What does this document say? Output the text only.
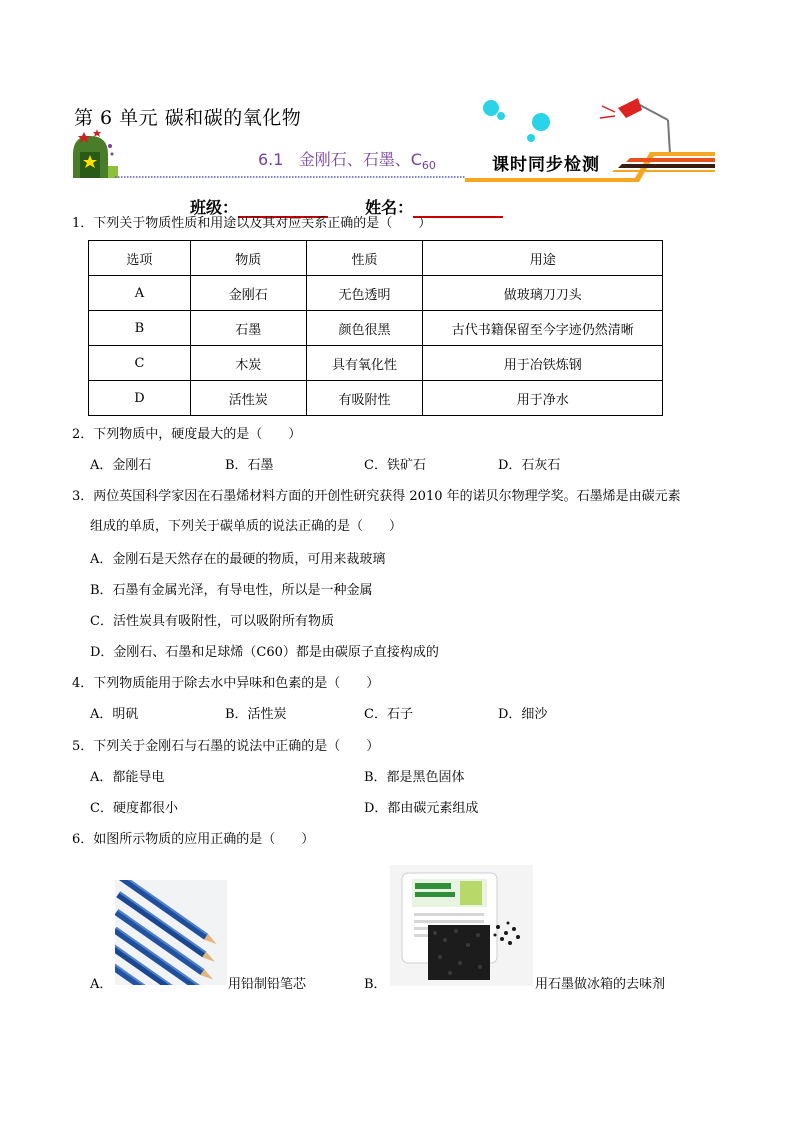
第 6 单元 碳和碳的氧化物
6.1 金刚石、石墨、$C_{60}$	课时同步检测
班级：	姓名：
1．下列关于物质性质和用途以及其对应关系正确的是（　　）
选项	物质	性质	用途
A	金刚石	无色透明	做玻璃刀刀头
B	石墨	颜色很黑	古代书籍保留至今字迹仍然清晰
C	木炭	具有氧化性	用于冶铁炼钢
D	活性炭	有吸附性	用于净水
2．下列物质中，硬度最大的是（　　）
A．金刚石	B．石墨	C．铁矿石	D．石灰石
3．两位英国科学家因在石墨烯材料方面的开创性研究获得 2010 年的诺贝尔物理学奖。石墨烯是由碳元素
组成的单质，下列关于碳单质的说法正确的是（　　）
A．金刚石是天然存在的最硬的物质，可用来裁玻璃
B．石墨有金属光泽，有导电性，所以是一种金属
C．活性炭具有吸附性，可以吸附所有物质
D．金刚石、石墨和足球烯（C60）都是由碳原子直接构成的
4．下列物质能用于除去水中异味和色素的是（　　）
A．明矾	B．活性炭	C．石子	D．细沙
5．下列关于金刚石与石墨的说法中正确的是（　　）
A．都能导电	B．都是黑色固体
C．硬度都很小	D．都由碳元素组成
6．如图所示物质的应用正确的是（　　）
A．	用铅制铅笔芯	B．	用石墨做冰箱的去味剂
